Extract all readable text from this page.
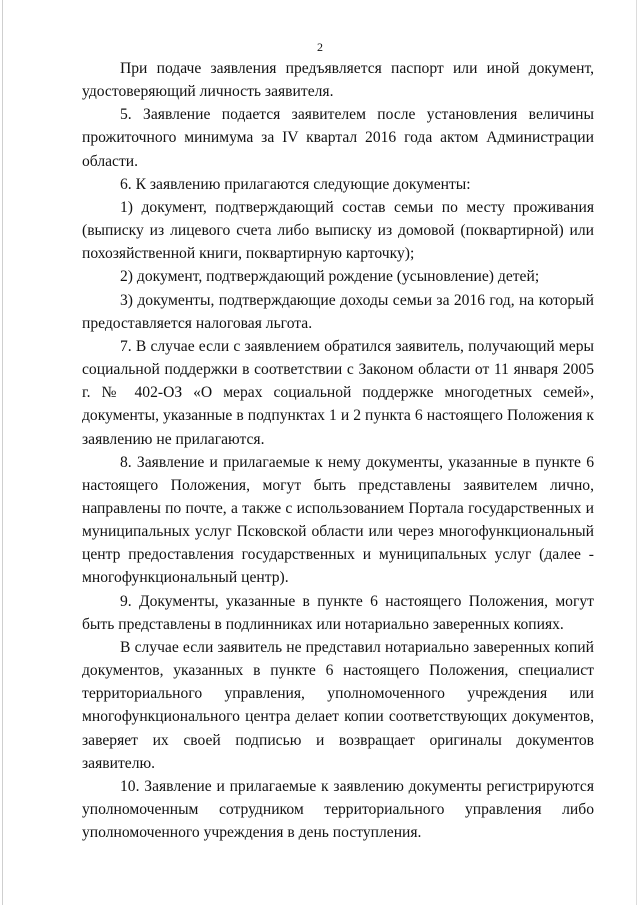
2

При подаче заявления предъявляется паспорт или иной документ, удостоверяющий личность заявителя.

5. Заявление подается заявителем после установления величины прожиточного минимума за IV квартал 2016 года актом Администрации области.

6. К заявлению прилагаются следующие документы:

1) документ, подтверждающий состав семьи по месту проживания (выписку из лицевого счета либо выписку из домовой (поквартирной) или похозяйственной книги, поквартирную карточку);

2) документ, подтверждающий рождение (усыновление) детей;

3) документы, подтверждающие доходы семьи за 2016 год, на который предоставляется налоговая льгота.

7. В случае если с заявлением обратился заявитель, получающий меры социальной поддержки в соответствии с Законом области от 11 января 2005 г. № 402-ОЗ «О мерах социальной поддержке многодетных семей», документы, указанные в подпунктах 1 и 2 пункта 6 настоящего Положения к заявлению не прилагаются.

8. Заявление и прилагаемые к нему документы, указанные в пункте 6 настоящего Положения, могут быть представлены заявителем лично, направлены по почте, а также с использованием Портала государственных и муниципальных услуг Псковской области или через многофункциональный центр предоставления государственных и муниципальных услуг (далее - многофункциональный центр).

9. Документы, указанные в пункте 6 настоящего Положения, могут быть представлены в подлинниках или нотариально заверенных копиях.

В случае если заявитель не представил нотариально заверенных копий документов, указанных в пункте 6 настоящего Положения, специалист территориального управления, уполномоченного учреждения или многофункционального центра делает копии соответствующих документов, заверяет их своей подписью и возвращает оригиналы документов заявителю.

10. Заявление и прилагаемые к заявлению документы регистрируются уполномоченным сотрудником территориального управления либо уполномоченного учреждения в день поступления.
